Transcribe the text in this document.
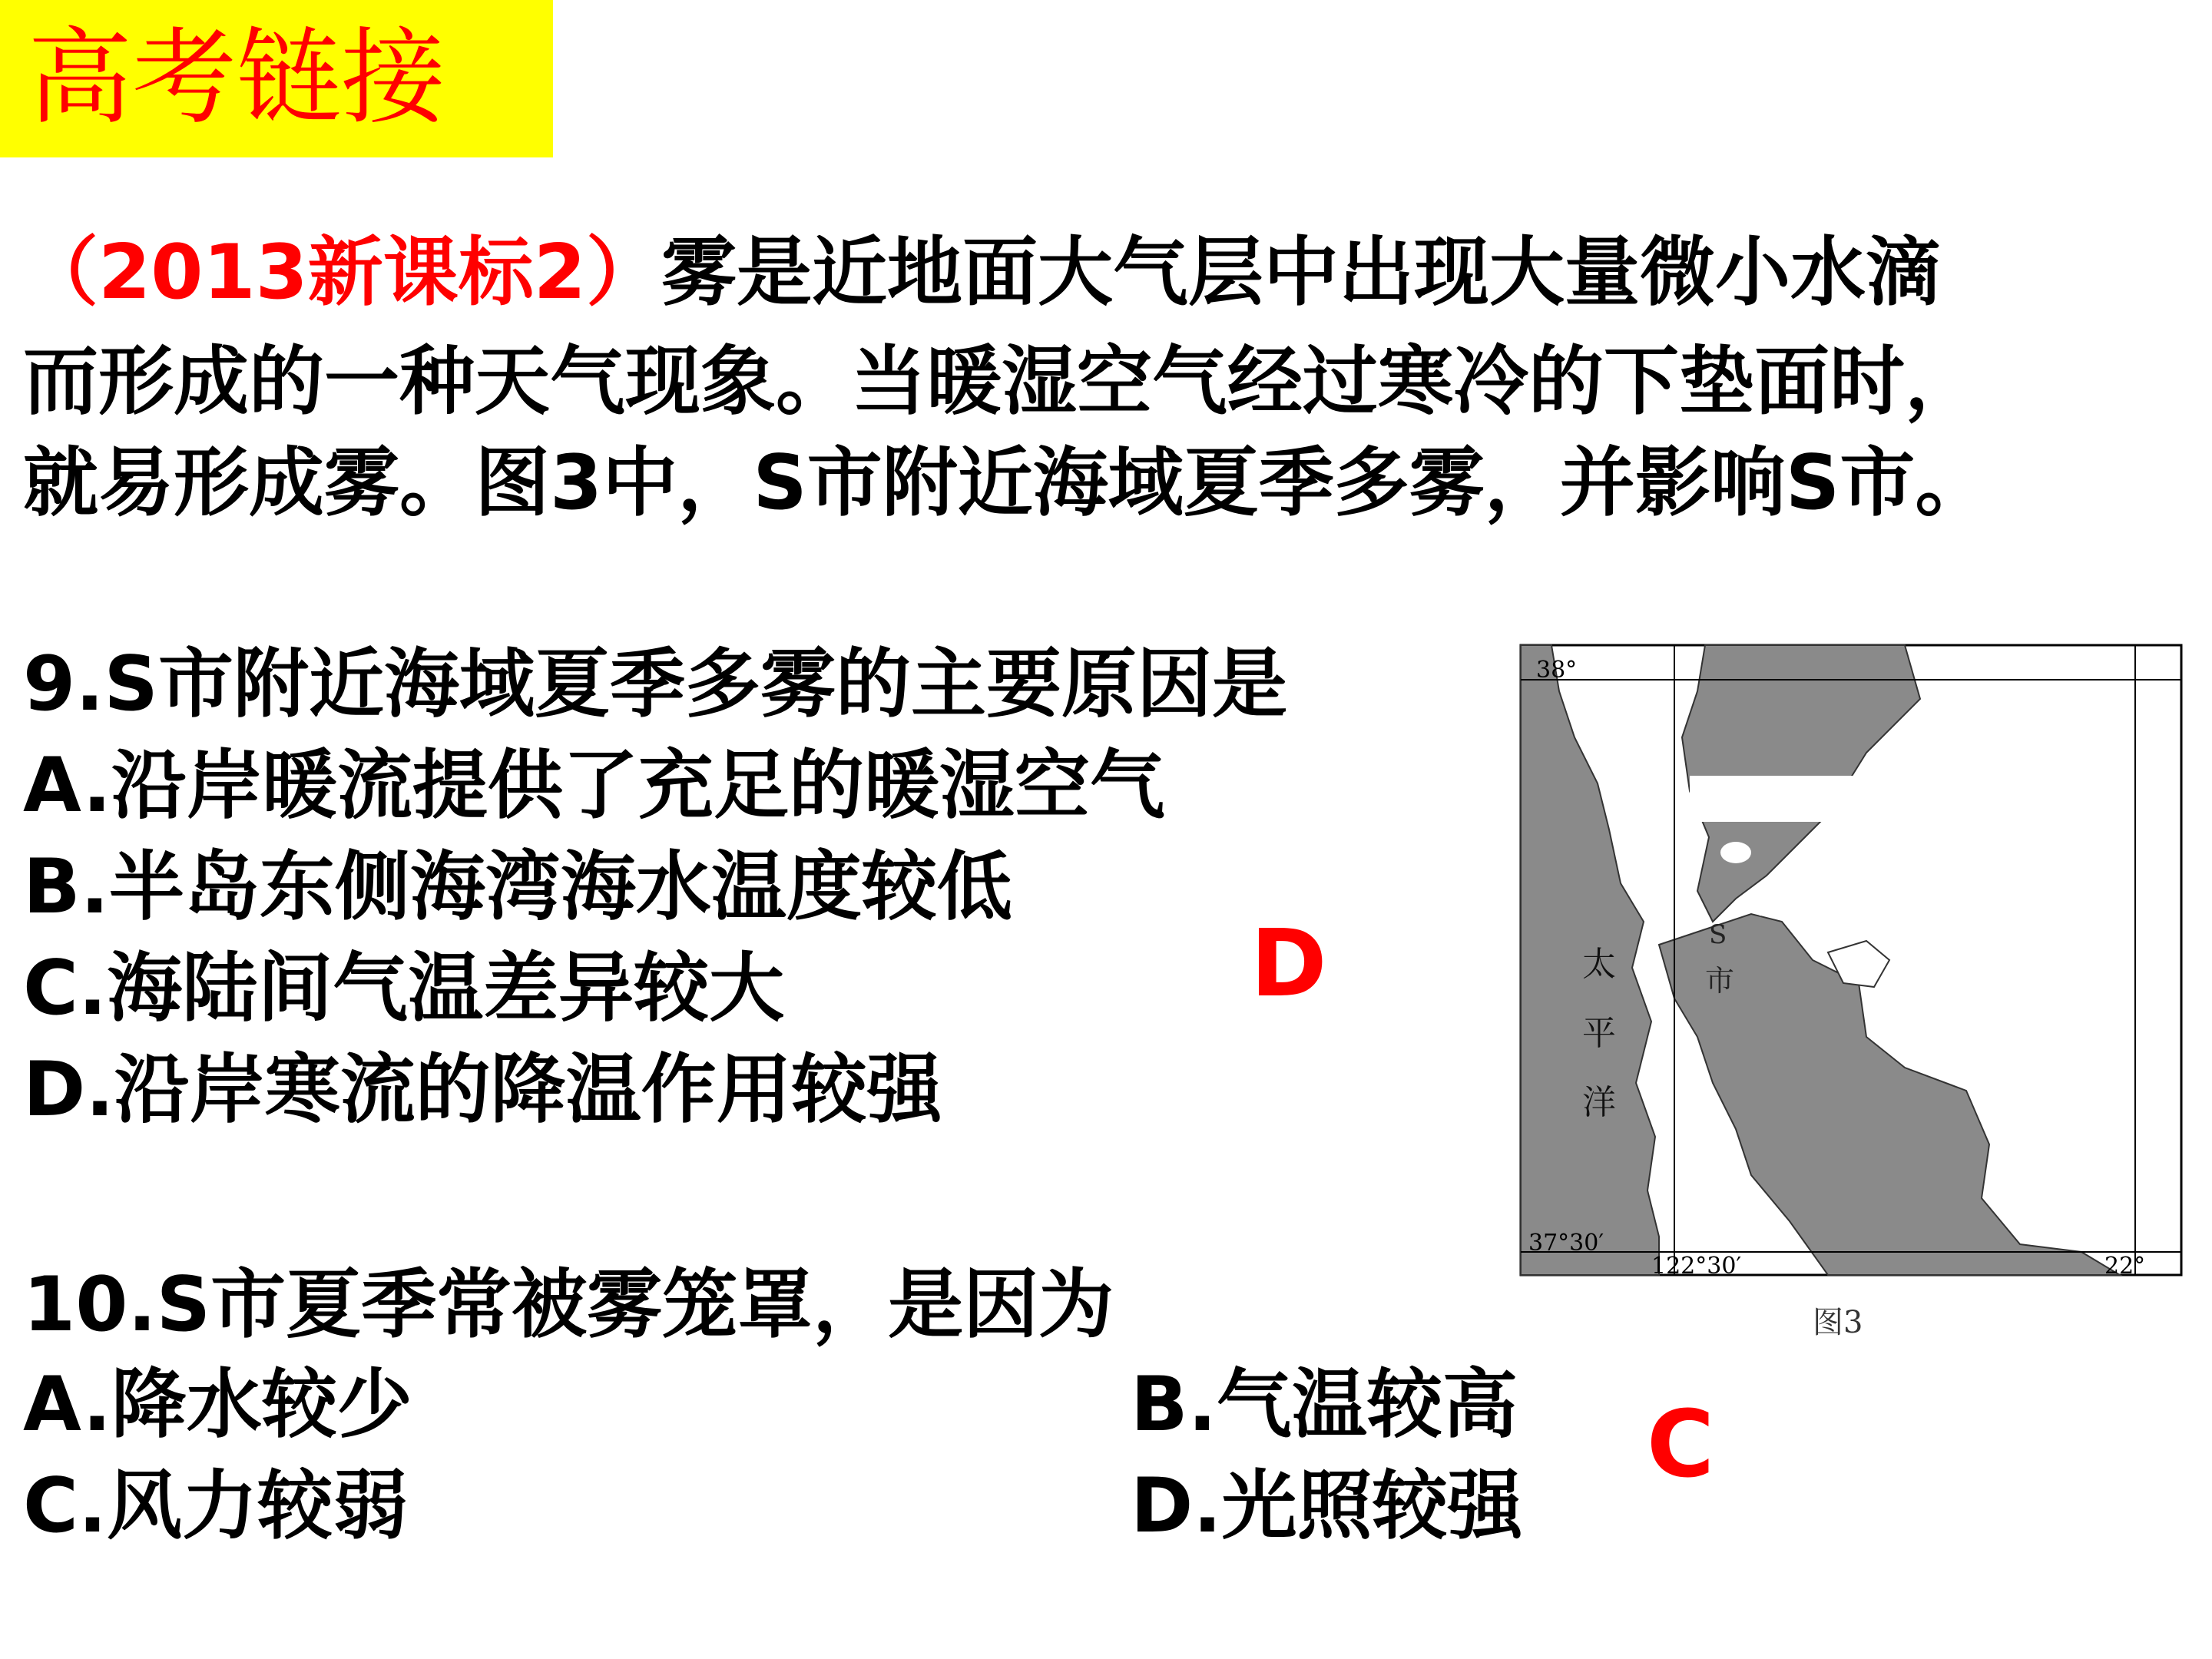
高考链接
（2013新课标2）雾是近地面大气层中出现大量微小水滴
而形成的一种天气现象。当暖湿空气经过寒冷的下垫面时，
就易形成雾。图3中，S市附近海域夏季多雾，并影响S市。
9.S市附近海域夏季多雾的主要原因是
A.沿岸暖流提供了充足的暖湿空气
B.半岛东侧海湾海水温度较低
C.海陆间气温差异较大
D.沿岸寒流的降温作用较强
D
10.S市夏季常被雾笼罩，是因为
A.降水较少	B.气温较高
C.风力较弱	D.光照较强
C
38°
37°30′
122°30′	22°
S
市
太
平
洋
图3
